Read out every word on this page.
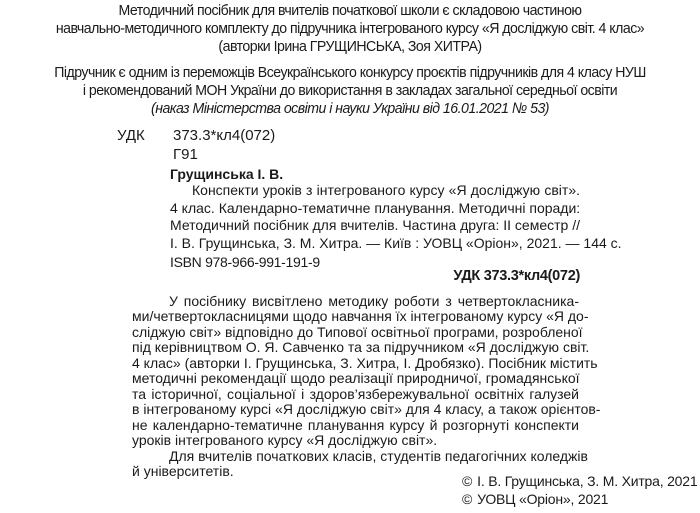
Методичний посібник для вчителів початкової школи є складовою частиною
навчально-методичного комплекту до підручника інтегрованого курсу «Я досліджую світ. 4 клас»
(авторки Ірина ГРУЩИНСЬКА, Зоя ХИТРА)
Підручник є одним із переможців Всеукраїнського конкурсу проєктів підручників для 4 класу НУШ
і рекомендований МОН України до використання в закладах загальної середньої освіти
(наказ Міністерства освіти і науки України від 16.01.2021 № 53)
УДК 373.3*кл4(072)
Г91
Грущинська І. В.
Конспекти уроків з інтегрованого курсу «Я досліджую світ».
4 клас. Календарно-тематичне планування. Методичні поради:
Методичний посібник для вчителів. Частина друга: ІІ семестр //
І. В. Грущинська, З. М. Хитра. — Київ : УОВЦ «Оріон», 2021. — 144 с.
ISBN 978-966-991-191-9
УДК 373.3*кл4(072)
У посібнику висвітлено методику роботи з четвертокласника-
ми/четвертокласницями щодо навчання їх інтегрованому курсу «Я до-
сліджую світ» відповідно до Типової освітньої програми, розробленої
під керівництвом О. Я. Савченко та за підручником «Я досліджую світ.
4 клас» (авторки І. Грущинська, З. Хитра, І. Дробязко). Посібник містить
методичні рекомендації щодо реалізації природничої, громадянської
та історичної, соціальної і здоров’язбережувальної освітніх галузей
в інтегрованому курсі «Я досліджую світ» для 4 класу, а також орієнтов-
не календарно-тематичне планування курсу й розгорнуті конспекти
уроків інтегрованого курсу «Я досліджую світ».
Для вчителів початкових класів, студентів педагогічних коледжів
й університетів.
© І. В. Грущинська, З. М. Хитра, 2021
© УОВЦ «Оріон», 2021
